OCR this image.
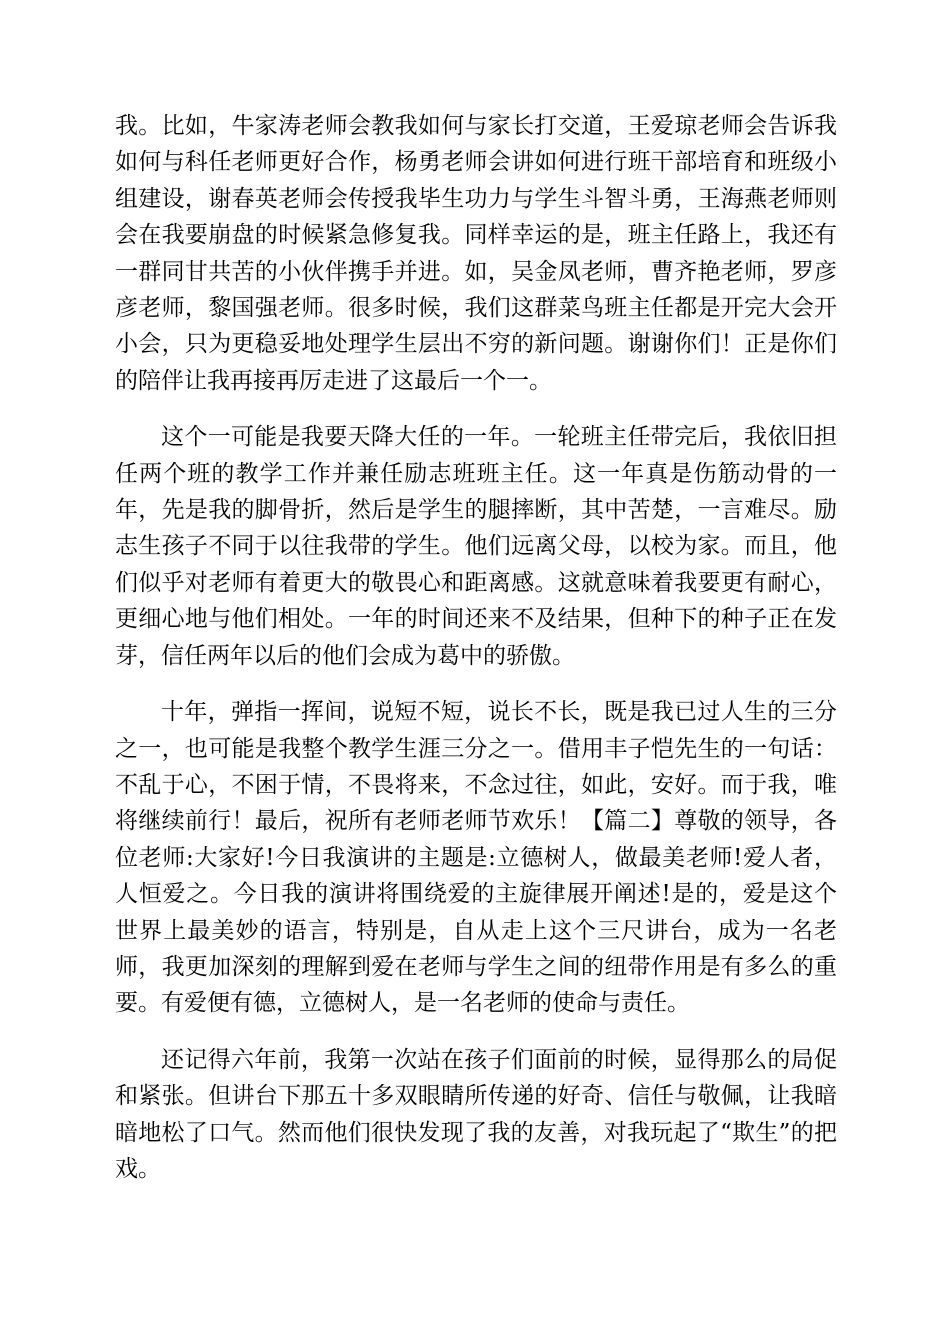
我。比如，牛家涛老师会教我如何与家长打交道，王爱琼老师会告诉我如何与科任老师更好合作，杨勇老师会讲如何进行班干部培育和班级小组建设，谢春英老师会传授我毕生功力与学生斗智斗勇，王海燕老师则会在我要崩盘的时候紧急修复我。同样幸运的是，班主任路上，我还有一群同甘共苦的小伙伴携手并进。如，吴金凤老师，曹齐艳老师，罗彦彦老师，黎国强老师。很多时候，我们这群菜鸟班主任都是开完大会开小会，只为更稳妥地处理学生层出不穷的新问题。谢谢你们！正是你们的陪伴让我再接再厉走进了这最后一个一。

这个一可能是我要天降大任的一年。一轮班主任带完后，我依旧担任两个班的教学工作并兼任励志班班主任。这一年真是伤筋动骨的一年，先是我的脚骨折，然后是学生的腿摔断，其中苦楚，一言难尽。励志生孩子不同于以往我带的学生。他们远离父母，以校为家。而且，他们似乎对老师有着更大的敬畏心和距离感。这就意味着我要更有耐心，更细心地与他们相处。一年的时间还来不及结果，但种下的种子正在发芽，信任两年以后的他们会成为葛中的骄傲。

十年，弹指一挥间，说短不短，说长不长，既是我已过人生的三分之一，也可能是我整个教学生涯三分之一。借用丰子恺先生的一句话：不乱于心，不困于情，不畏将来，不念过往，如此，安好。而于我，唯将继续前行！最后，祝所有老师老师节欢乐！【篇二】尊敬的领导，各位老师:大家好!今日我演讲的主题是:立德树人，做最美老师!爱人者，人恒爱之。今日我的演讲将围绕爱的主旋律展开阐述!是的，爱是这个世界上最美妙的语言，特别是，自从走上这个三尺讲台，成为一名老师，我更加深刻的理解到爱在老师与学生之间的纽带作用是有多么的重要。有爱便有德，立德树人，是一名老师的使命与责任。

还记得六年前，我第一次站在孩子们面前的时候，显得那么的局促和紧张。但讲台下那五十多双眼睛所传递的好奇、信任与敬佩，让我暗暗地松了口气。然而他们很快发现了我的友善，对我玩起了“欺生”的把戏。
